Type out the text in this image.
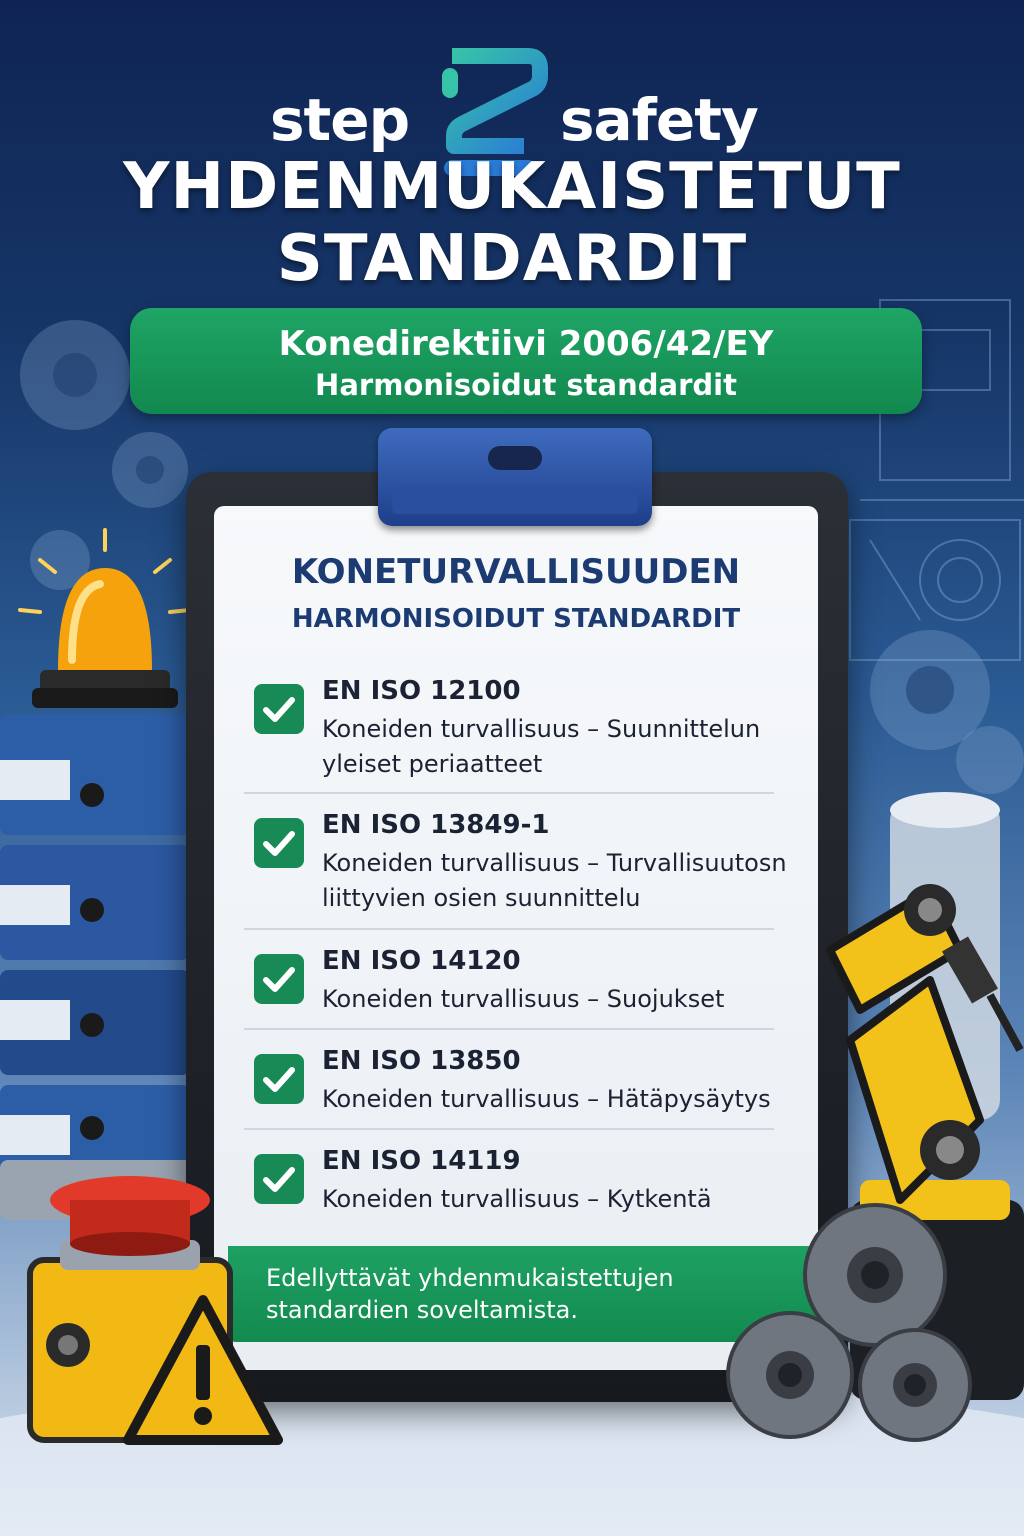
step	safety
YHDENMUKAISTETUT
STANDARDIT
Konedirektiivi 2006/42/EY
Harmonisoidut standardit
KONETURVALLISUUDEN
HARMONISOIDUT STANDARDIT
EN ISO 12100
Koneiden turvallisuus – Suunnittelun yleiset periaatteet
EN ISO 13849-1
Koneiden turvallisuus – Turvallisuutosn liittyvien osien suunnittelu
EN ISO 14120
Koneiden turvallisuus – Suojukset
EN ISO 13850
Koneiden turvallisuus – Hätäpysäytys
EN ISO 14119
Koneiden turvallisuus – Kytkentä
Edellyttävät yhdenmukaistettujen standardien soveltamista.
